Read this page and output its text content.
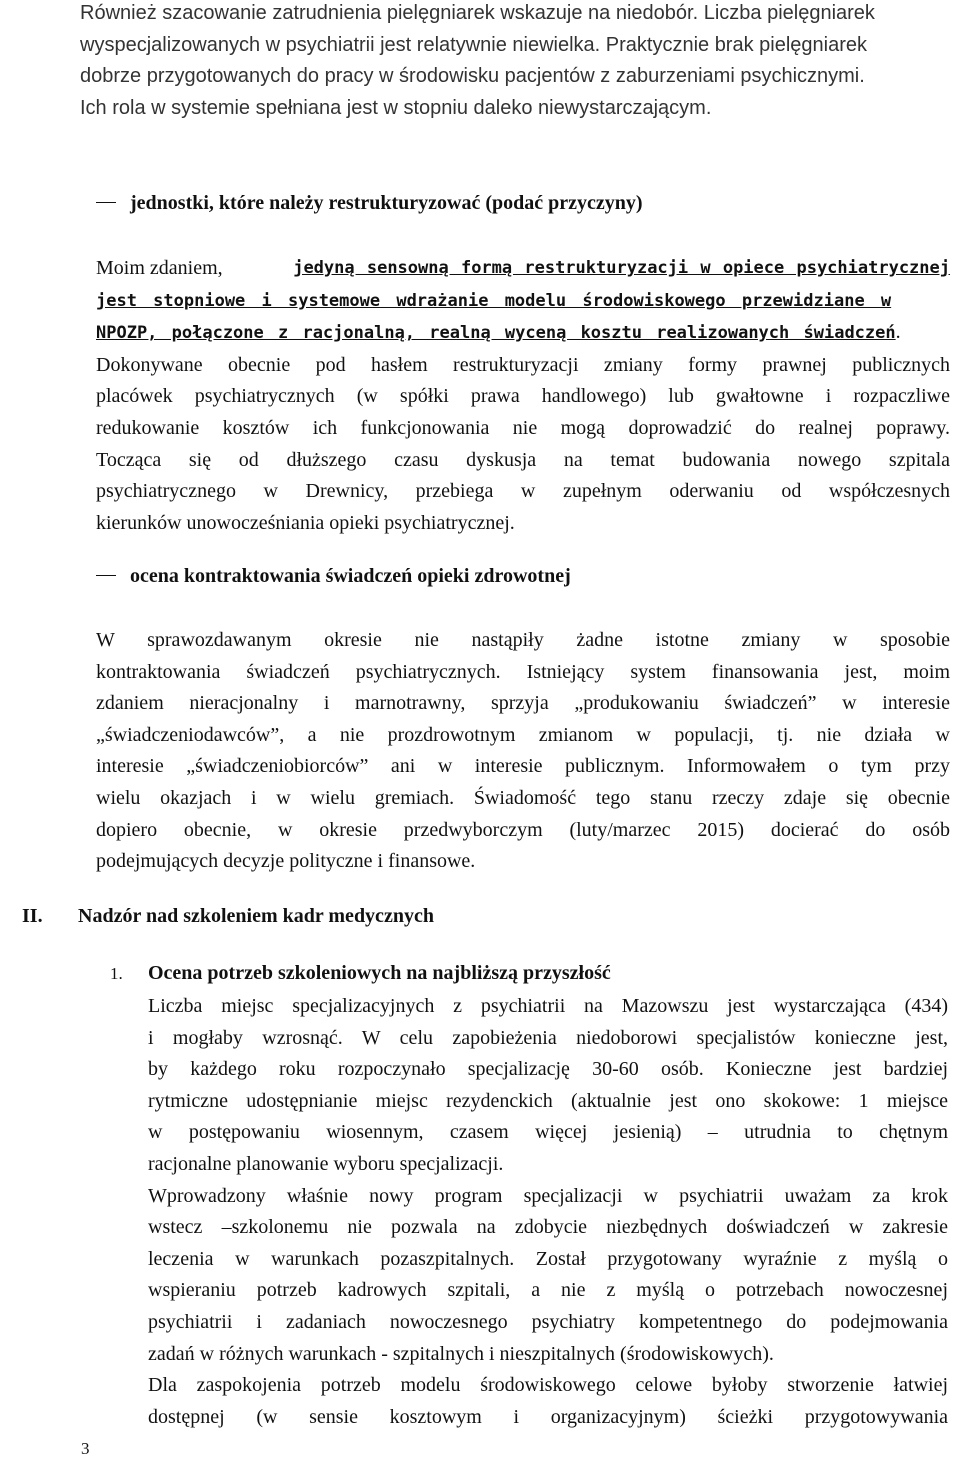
Również szacowanie zatrudnienia pielęgniarek wskazuje na niedobór. Liczba pielęgniarek
wyspecjalizowanych w psychiatrii jest relatywnie niewielka. Praktycznie brak pielęgniarek
dobrze przygotowanych do pracy w środowisku pacjentów z zaburzeniami psychicznymi.
Ich rola w systemie spełniana jest w stopniu daleko niewystarczającym.
jednostki, które należy restrukturyzować (podać przyczyny)
Moim zdaniem,	jedyną sensowną formą restrukturyzacji w opiece psychiatrycznej
jest stopniowe i systemowe wdrażanie modelu środowiskowego przewidziane w
NPOZP, połączone z racjonalną, realną wyceną kosztu realizowanych świadczeń.
Dokonywane obecnie pod hasłem restrukturyzacji zmiany formy prawnej publicznych
placówek psychiatrycznych (w spółki prawa handlowego) lub gwałtowne i rozpaczliwe
redukowanie kosztów ich funkcjonowania nie mogą doprowadzić do realnej poprawy.
Tocząca się od dłuższego czasu dyskusja na temat budowania nowego szpitala
psychiatrycznego w Drewnicy, przebiega w zupełnym oderwaniu od współczesnych
kierunków unowocześniania opieki psychiatrycznej.
ocena kontraktowania świadczeń opieki zdrowotnej
W sprawozdawanym okresie nie nastąpiły żadne istotne zmiany w sposobie
kontraktowania świadczeń psychiatrycznych. Istniejący system finansowania jest, moim
zdaniem nieracjonalny i marnotrawny, sprzyja „produkowaniu świadczeń” w interesie
„świadczeniodawców”, a nie prozdrowotnym zmianom w populacji, tj. nie działa w
interesie „świadczeniobiorców” ani w interesie publicznym. Informowałem o tym przy
wielu okazjach i w wielu gremiach. Świadomość tego stanu rzeczy zdaje się obecnie
dopiero obecnie, w okresie przedwyborczym (luty/marzec 2015) docierać do osób
podejmujących decyzje polityczne i finansowe.
II. Nadzór nad szkoleniem kadr medycznych
1. Ocena potrzeb szkoleniowych na najbliższą przyszłość
Liczba miejsc specjalizacyjnych z psychiatrii na Mazowszu jest wystarczająca (434)
i mogłaby wzrosnąć. W celu zapobieżenia niedoborowi specjalistów konieczne jest,
by każdego roku rozpoczynało specjalizację 30-60 osób. Konieczne jest bardziej
rytmiczne udostępnianie miejsc rezydenckich (aktualnie jest ono skokowe: 1 miejsce
w postępowaniu wiosennym, czasem więcej jesienią) – utrudnia to chętnym
racjonalne planowanie wyboru specjalizacji.
Wprowadzony właśnie nowy program specjalizacji w psychiatrii uważam za krok
wstecz –szkolonemu nie pozwala na zdobycie niezbędnych doświadczeń w zakresie
leczenia w warunkach pozaszpitalnych. Został przygotowany wyraźnie z myślą o
wspieraniu potrzeb kadrowych szpitali, a nie z myślą o potrzebach nowoczesnej
psychiatrii i zadaniach nowoczesnego psychiatry kompetentnego do podejmowania
zadań w różnych warunkach - szpitalnych i nieszpitalnych (środowiskowych).
Dla zaspokojenia potrzeb modelu środowiskowego celowe byłoby stworzenie łatwiej
dostępnej (w sensie kosztowym i organizacyjnym) ścieżki przygotowywania
3
